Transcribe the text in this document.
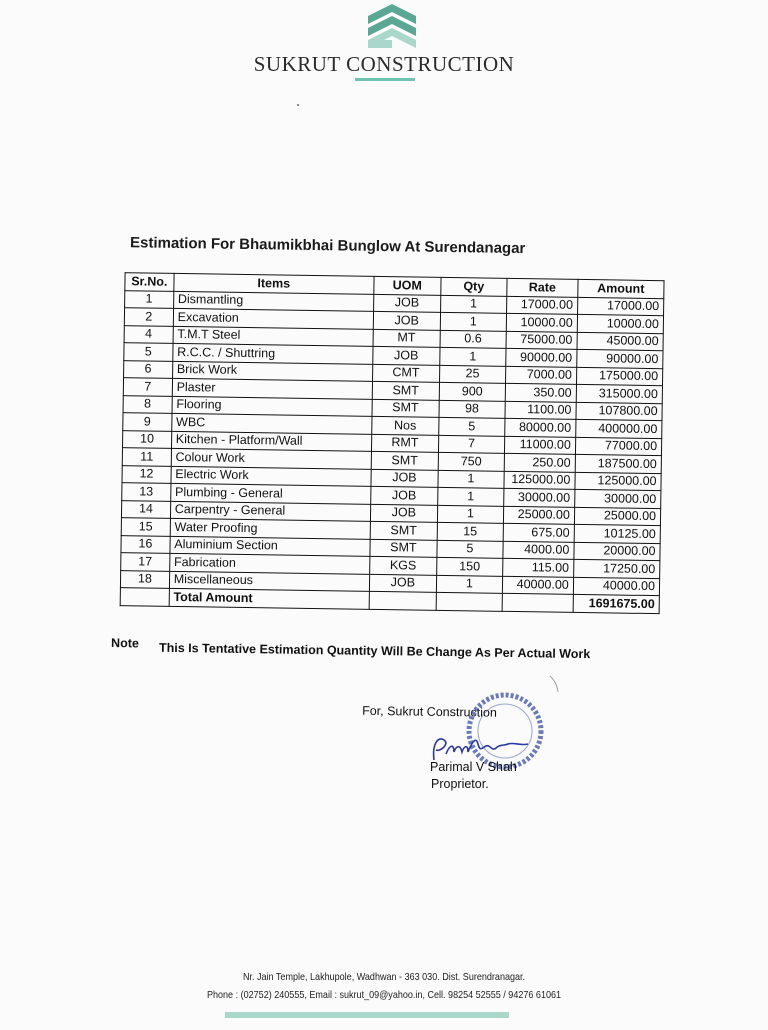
SUKRUT CONSTRUCTION
Estimation For Bhaumikbhai Bunglow At Surendanagar
Sr.No.	Items	UOM	Qty	Rate	Amount
1	Dismantling	JOB	1	17000.00	17000.00
2	Excavation	JOB	1	10000.00	10000.00
4	T.M.T Steel	MT	0.6	75000.00	45000.00
5	R.C.C. / Shuttring	JOB	1	90000.00	90000.00
6	Brick Work	CMT	25	7000.00	175000.00
7	Plaster	SMT	900	350.00	315000.00
8	Flooring	SMT	98	1100.00	107800.00
9	WBC	Nos	5	80000.00	400000.00
10	Kitchen - Platform/Wall	RMT	7	11000.00	77000.00
11	Colour Work	SMT	750	250.00	187500.00
12	Electric Work	JOB	1	125000.00	125000.00
13	Plumbing - General	JOB	1	30000.00	30000.00
14	Carpentry - General	JOB	1	25000.00	25000.00
15	Water Proofing	SMT	15	675.00	10125.00
16	Aluminium Section	SMT	5	4000.00	20000.00
17	Fabrication	KGS	150	115.00	17250.00
18	Miscellaneous	JOB	1	40000.00	40000.00
	Total Amount				1691675.00
Note This Is Tentative Estimation Quantity Will Be Change As Per Actual Work
For, Sukrut Construction
Parimal V Shah
Proprietor.
Nr. Jain Temple, Lakhupole, Wadhwan - 363 030. Dist. Surendranagar.
Phone : (02752) 240555, Email : sukrut_09@yahoo.in, Cell. 98254 52555 / 94276 61061
